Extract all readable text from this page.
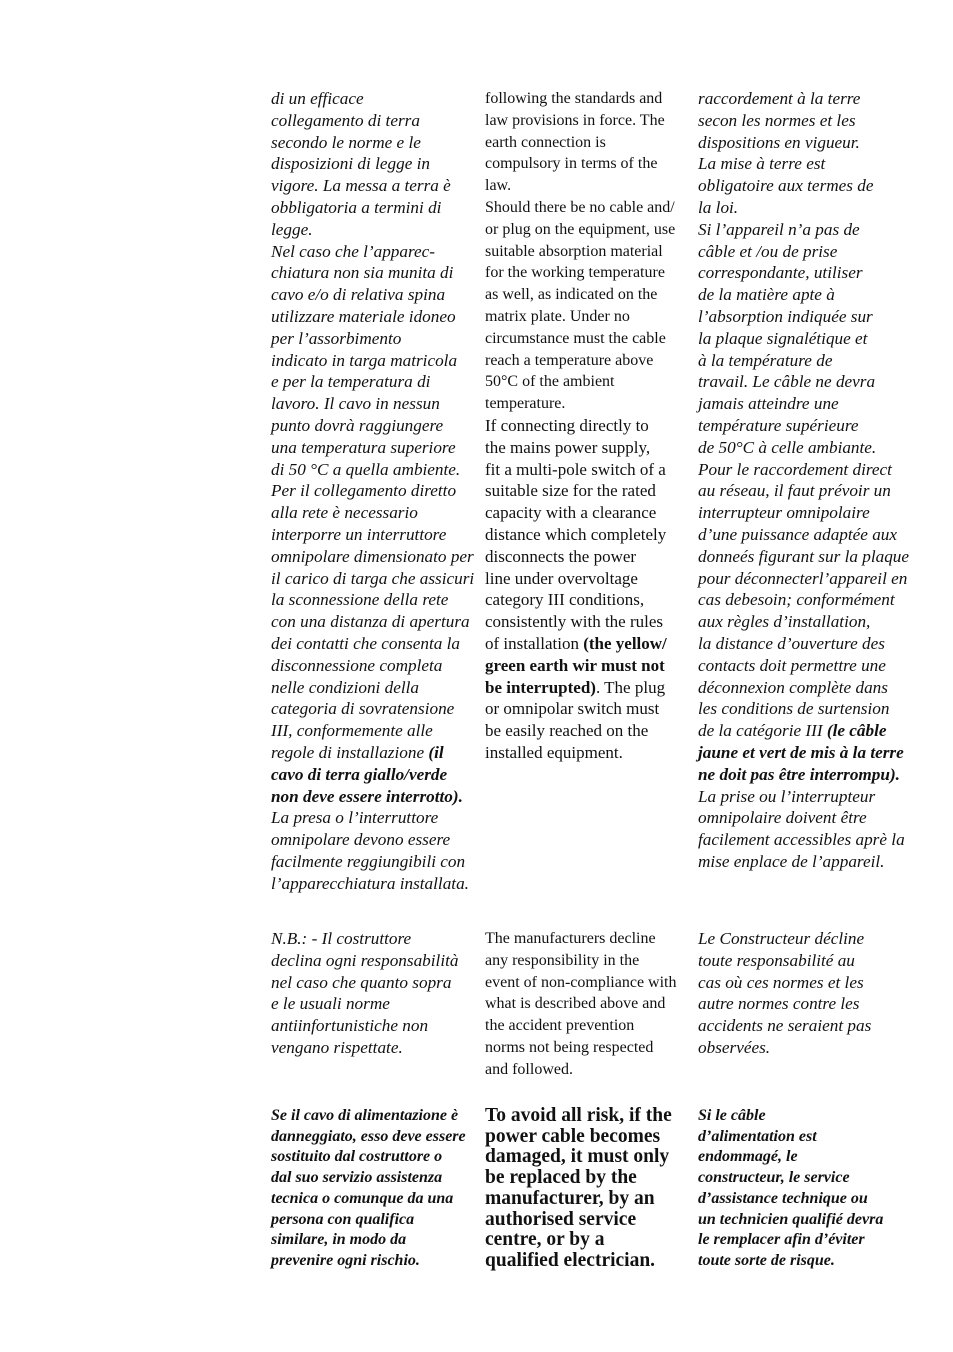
di un efficace
collegamento di terra
secondo le norme e le
disposizioni di legge in
vigore. La messa a terra è
obbligatoria a termini di
legge.
Nel caso che l’apparec-
chiatura non sia munita di
cavo e/o di relativa spina
utilizzare materiale idoneo
per l’assorbimento
indicato in targa matricola
e per la temperatura di
lavoro. Il cavo in nessun
punto dovrà raggiungere
una temperatura superiore
di 50 °C a quella ambiente.
Per il collegamento diretto
alla rete è necessario
interporre un interruttore
omnipolare dimensionato per
il carico di targa che assicuri
la sconnessione della rete
con una distanza di apertura
dei contatti che consenta la
disconnessione completa
nelle condizioni della
categoria di sovratensione
III, conformemente alle
regole di installazione (il
cavo di terra giallo/verde
non deve essere interrotto).
La presa o l’interruttore
omnipolare devono essere
facilmente reggiungibili con
l’apparecchiatura installata.
following the standards and
law provisions in force. The
earth connection is
compulsory in terms of the
law.
Should there be no cable and/
or plug on the equipment, use
suitable absorption material
for the working temperature
as well, as indicated on the
matrix plate. Under no
circumstance must the cable
reach a temperature above
50°C of the ambient
temperature.
If connecting directly to
the mains power supply,
fit a multi-pole switch of a
suitable size for the rated
capacity with a clearance
distance which completely
disconnects the power
line under overvoltage
category III conditions,
consistently with the rules
of installation (the yellow/
green earth wir must not
be interrupted). The plug
or omnipolar switch must
be easily reached on the
installed equipment.
raccordement à la terre
secon les normes et les
dispositions en vigueur.
La mise à terre est
obligatoire aux termes de
la loi.
Si l’appareil n’a pas de
câble et /ou de prise
correspondante, utiliser
de la matière apte à
l’absorption indiquée sur
la plaque signalétique et
à la température de
travail. Le câble ne devra
jamais atteindre une
température supérieure
de 50°C à celle ambiante.
Pour le raccordement direct
au réseau, il faut prévoir un
interrupteur omnipolaire
d’une puissance adaptée aux
donneés figurant sur la plaque
pour déconnecterl’appareil en
cas debesoin; conformément
aux règles d’installation,
la distance d’ouverture des
contacts doit permettre une
déconnexion complète dans
les conditions de surtension
de la catégorie III (le câble
jaune et vert de mis à la terre
ne doit pas être interrompu).
La prise ou l’interrupteur
omnipolaire doivent être
facilement accessibles aprè la
mise enplace de l’appareil.
N.B.: - Il costruttore
declina ogni responsabilità
nel caso che quanto sopra
e le usuali norme
antiinfortunistiche non
vengano rispettate.
The manufacturers decline
any responsibility in the
event of non-compliance with
what is described above and
the accident prevention
norms not being respected
and followed.
Le Constructeur décline
toute responsabilité au
cas où ces normes et les
autre normes contre les
accidents ne seraient pas
observées.
Se il cavo di alimentazione è
danneggiato, esso deve essere
sostituito dal costruttore o
dal suo servizio assistenza
tecnica o comunque da una
persona con qualifica
similare, in modo da
prevenire ogni rischio.
To avoid all risk, if the
power cable becomes
damaged, it must only
be replaced by the
manufacturer, by an
authorised service
centre, or by a
qualified electrician.
Si le câble
d’alimentation est
endommagé, le
constructeur, le service
d’assistance technique ou
un technicien qualifié devra
le remplacer afin d’éviter
toute sorte de risque.
